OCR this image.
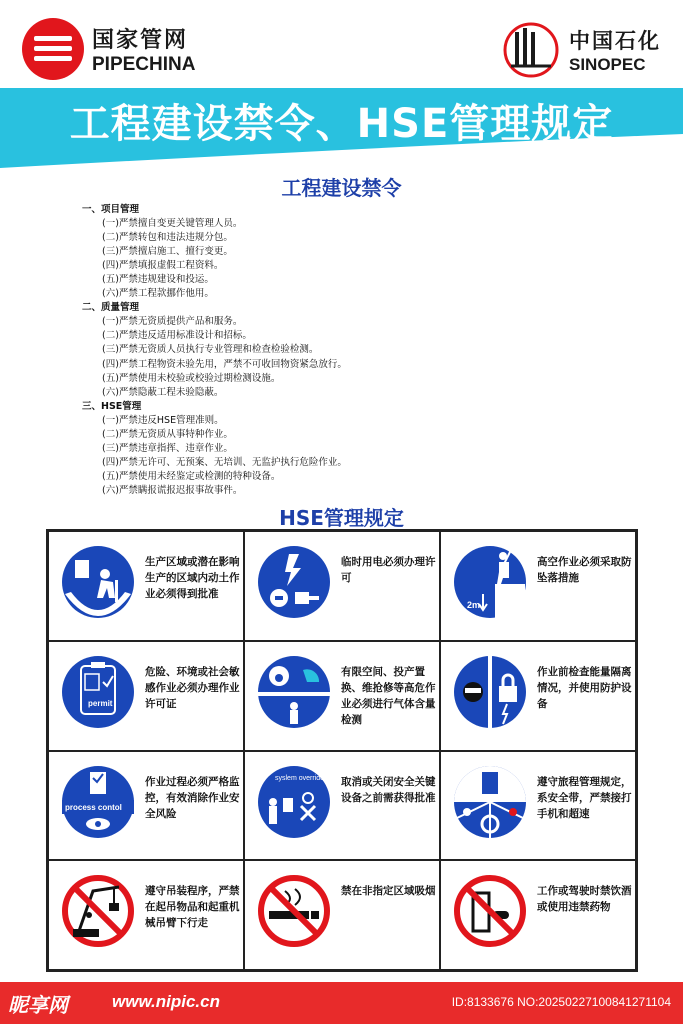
国家管网
PIPECHINA
中国石化
SINOPEC
工程建设禁令、HSE管理规定
工程建设禁令
一、项目管理
(一)严禁擅自变更关键管理人员。
(二)严禁转包和违法违规分包。
(三)严禁擅启施工、擅行变更。
(四)严禁填报虚假工程资料。
(五)严禁违规建设和投运。
(六)严禁工程款挪作他用。
二、质量管理
(一)严禁无资质提供产品和服务。
(二)严禁违反适用标准设计和招标。
(三)严禁无资质人员执行专业管理和检查检验检测。
(四)严禁工程物资未验先用，严禁不可收回物资紧急放行。
(五)严禁使用未校验或校验过期检测设施。
(六)严禁隐蔽工程未验隐蔽。
三、HSE管理
(一)严禁违反HSE管理准则。
(二)严禁无资质从事特种作业。
(三)严禁违章指挥、违章作业。
(四)严禁无许可、无预案、无培训、无监护执行危险作业。
(五)严禁使用未经鉴定或检测的特种设备。
(六)严禁瞒报谎报迟报事故事件。
HSE管理规定
生产区域或潜在影响生产的区域内动土作业必须得到批准
临时用电必须办理许可
2m
高空作业必须采取防坠落措施
permit
危险、环境或社会敏感作业必须办理作业许可证
有限空间、投产置换、维抢修等高危作业必须进行气体含量检测
作业前检查能量隔离情况，并使用防护设备
process contol
作业过程必须严格监控，有效消除作业安全风险
syslem overridc 取消或关闭安全关键设备之前需获得批准
遵守旅程管理规定，系安全带，严禁接打手机和超速
遵守吊装程序，严禁在起吊物品和起重机械吊臂下行走
禁在非指定区域吸烟	工作或驾驶时禁饮酒或使用违禁药物
昵享网	www.nipic.cn	ID:8133676 NO:20250227100841271104
